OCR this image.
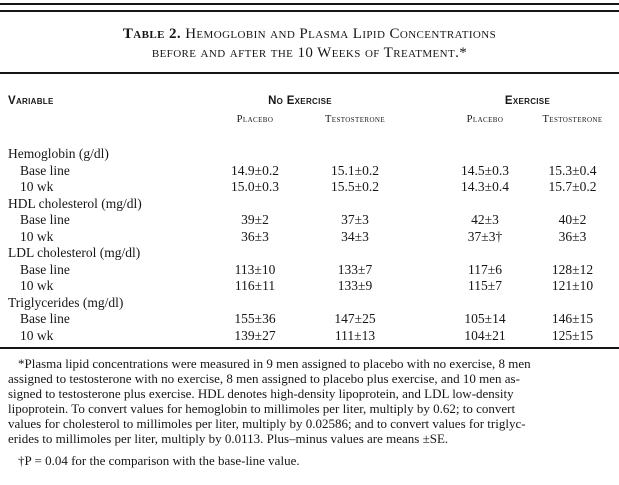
Table 2. Hemoglobin and Plasma Lipid Concentrations
before and after the 10 Weeks of Treatment.*
Variable	No Exercise	Exercise
Placebo	Testosterone	Placebo	Testosterone
Hemoglobin (g/dl)
Base line	14.9±0.2	15.1±0.2	14.5±0.3	15.3±0.4
10 wk	15.0±0.3	15.5±0.2	14.3±0.4	15.7±0.2
HDL cholesterol (mg/dl)
Base line	39±2	37±3	42±3	40±2
10 wk	36±3	34±3	37±3†	36±3
LDL cholesterol (mg/dl)
Base line	113±10	133±7	117±6	128±12
10 wk	116±11	133±9	115±7	121±10
Triglycerides (mg/dl)
Base line	155±36	147±25	105±14	146±15
10 wk	139±27	111±13	104±21	125±15
*Plasma lipid concentrations were measured in 9 men assigned to placebo with no exercise, 8 men
assigned to testosterone with no exercise, 8 men assigned to placebo plus exercise, and 10 men as-
signed to testosterone plus exercise. HDL denotes high-density lipoprotein, and LDL low-density
lipoprotein. To convert values for hemoglobin to millimoles per liter, multiply by 0.62; to convert
values for cholesterol to millimoles per liter, multiply by 0.02586; and to convert values for triglyc-
erides to millimoles per liter, multiply by 0.0113. Plus–minus values are means ±SE.
†P = 0.04 for the comparison with the base-line value.
